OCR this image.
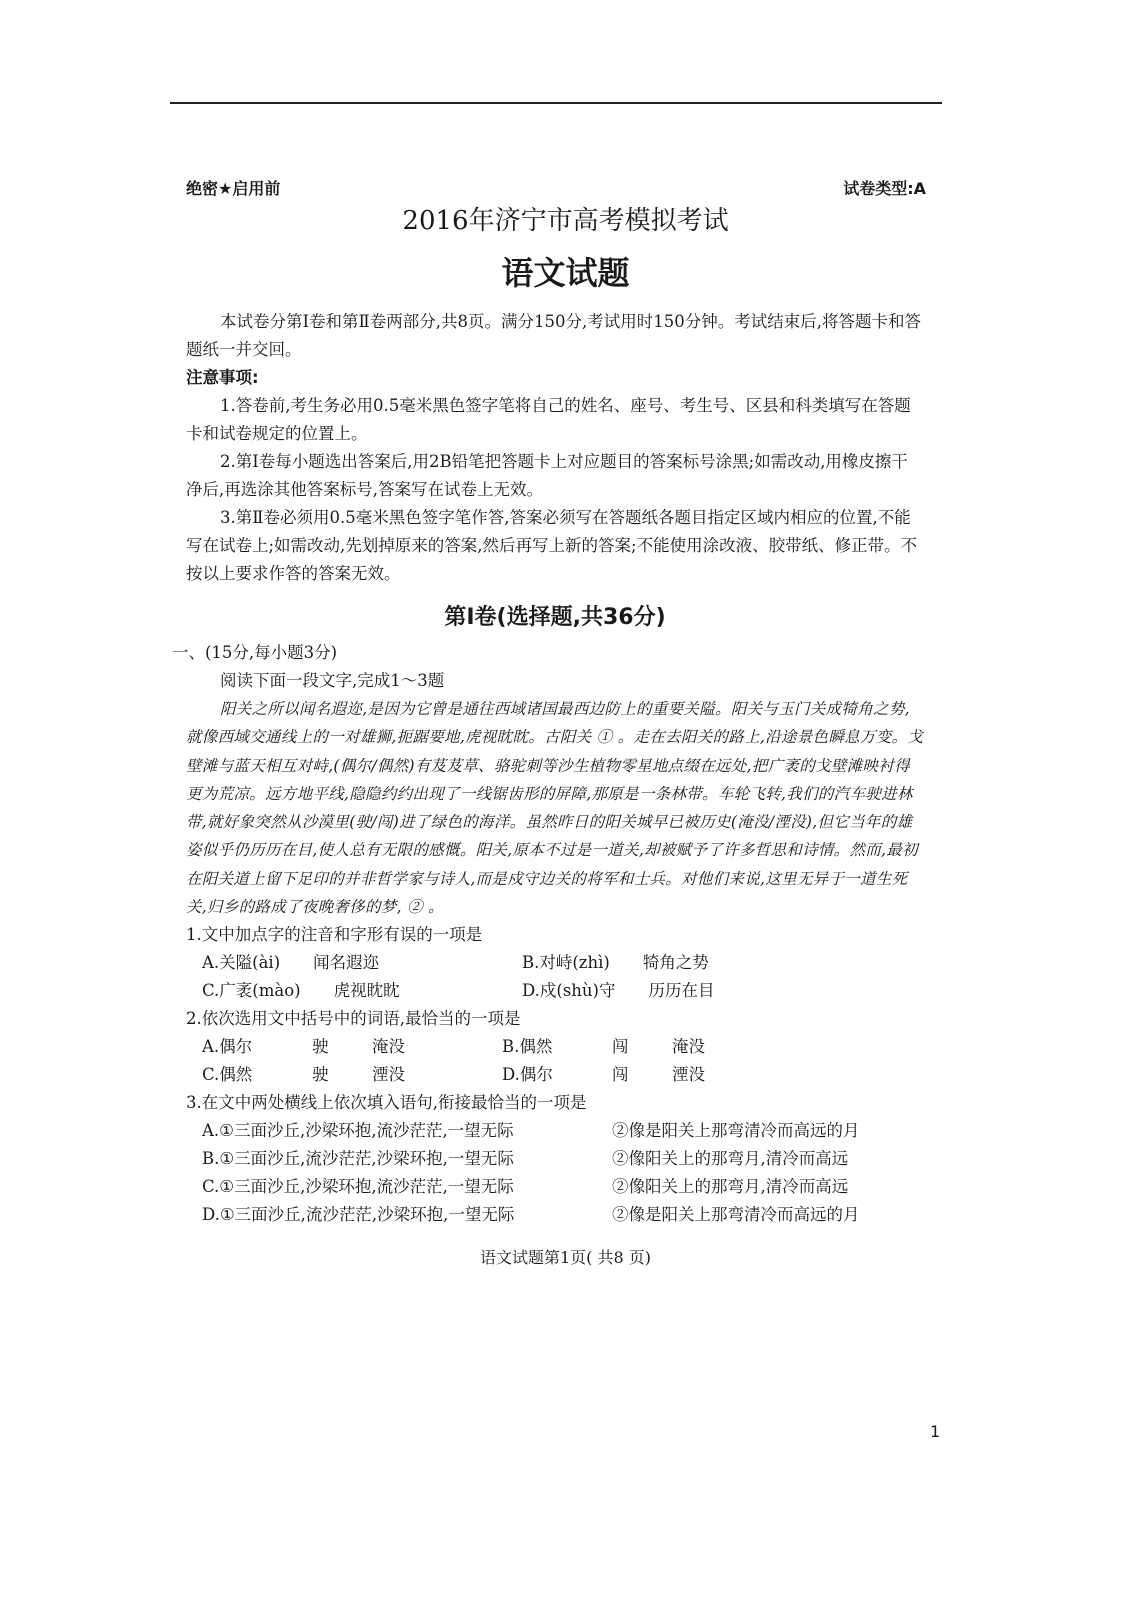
绝密★启用前	试卷类型:A
2016年济宁市高考模拟考试
语文试题

本试卷分第Ⅰ卷和第Ⅱ卷两部分,共8页。满分150分,考试用时150分钟。考试结束后,将答题卡和答题纸一并交回。

注意事项:

1.答卷前,考生务必用0.5毫米黑色签字笔将自己的姓名、座号、考生号、区县和科类填写在答题卡和试卷规定的位置上。

2.第Ⅰ卷每小题选出答案后,用2B铅笔把答题卡上对应题目的答案标号涂黑;如需改动,用橡皮擦干净后,再选涂其他答案标号,答案写在试卷上无效。

3.第Ⅱ卷必须用0.5毫米黑色签字笔作答,答案必须写在答题纸各题目指定区域内相应的位置,不能写在试卷上;如需改动,先划掉原来的答案,然后再写上新的答案;不能使用涂改液、胶带纸、修正带。不按以上要求作答的答案无效。

第Ⅰ卷(选择题,共36分)

一、(15分,每小题3分)

阅读下面一段文字,完成1～3题

阳关之所以闻名遐迩,是因为它曾是通往西域诸国最西边防上的重要关隘。阳关与玉门关成犄角之势,就像西域交通线上的一对雄狮,扼踞要地,虎视眈眈。古阳关 ① 。走在去阳关的路上,沿途景色瞬息万变。戈壁滩与蓝天相互对峙,(偶尔/偶然)有芨芨草、骆驼刺等沙生植物零星地点缀在远处,把广袤的戈壁滩映衬得更为荒凉。远方地平线,隐隐约约出现了一线锯齿形的屏障,那原是一条林带。车轮飞转,我们的汽车驶进林带,就好象突然从沙漠里(驶/闯)进了绿色的海洋。虽然昨日的阳关城早已被历史(淹没/湮没),但它当年的雄姿似乎仍历历在目,使人总有无限的感慨。阳关,原本不过是一道关,却被赋予了许多哲思和诗情。然而,最初在阳关道上留下足印的并非哲学家与诗人,而是戍守边关的将军和士兵。对他们来说,这里无异于一道生死关,归乡的路成了夜晚奢侈的梦, ② 。

1.文中加点字的注音和字形有误的一项是

A.关隘(ài)　　闻名遐迩	B.对峙(zhì)　　犄角之势
C.广袤(mào)　　虎视眈眈	D.戍(shù)守　　历历在目

2.依次选用文中括号中的词语,最恰当的一项是

A.偶尔	驶	淹没	B.偶然	闯	淹没
C.偶然	驶	湮没	D.偶尔	闯	湮没

3.在文中两处横线上依次填入语句,衔接最恰当的一项是

A.①三面沙丘,沙梁环抱,流沙茫茫,一望无际	②像是阳关上那弯清冷而高远的月
B.①三面沙丘,流沙茫茫,沙梁环抱,一望无际	②像阳关上的那弯月,清冷而高远
C.①三面沙丘,沙梁环抱,流沙茫茫,一望无际	②像阳关上的那弯月,清冷而高远
D.①三面沙丘,流沙茫茫,沙梁环抱,一望无际	②像是阳关上那弯清冷而高远的月
语文试题第1页( 共8 页)
1
